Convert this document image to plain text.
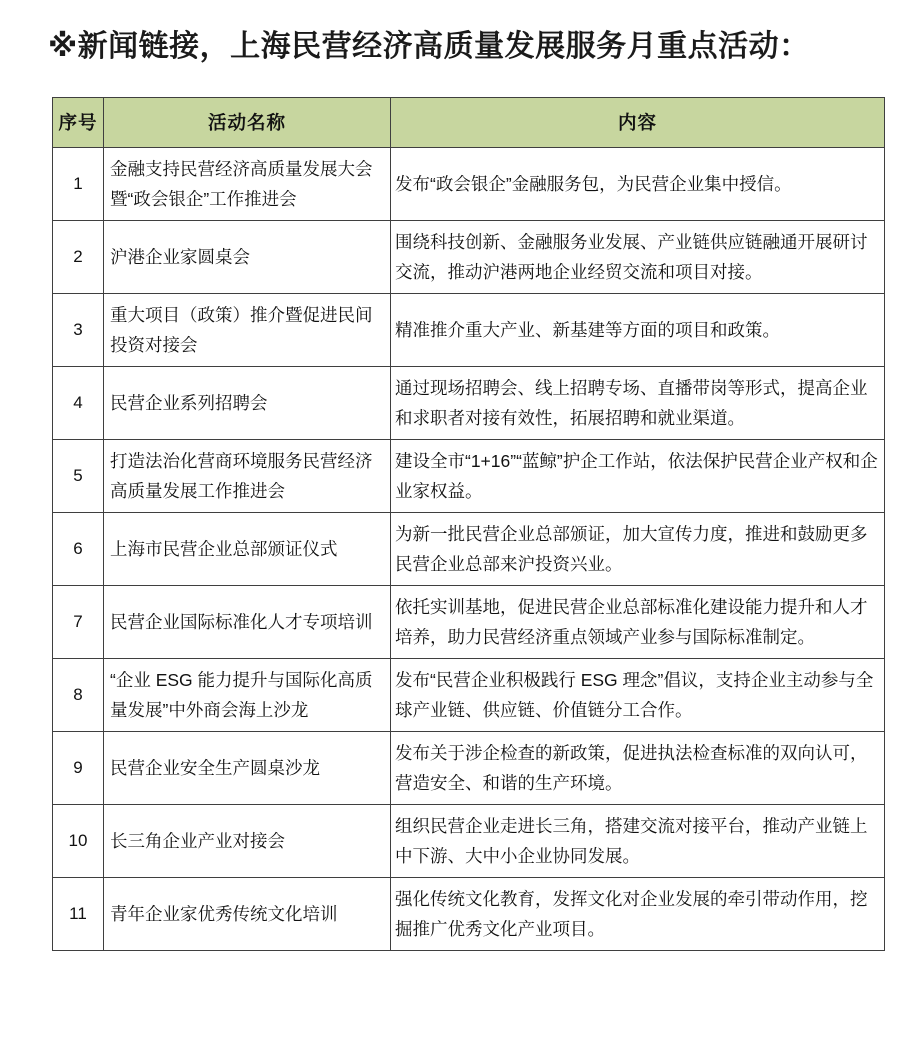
※新闻链接，上海民营经济高质量发展服务月重点活动：
序号	活动名称	内容
1	金融支持民营经济高质量发展大会暨“政会银企”工作推进会	发布“政会银企”金融服务包，为民营企业集中授信。
2	沪港企业家圆桌会	围绕科技创新、金融服务业发展、产业链供应链融通开展研讨交流，推动沪港两地企业经贸交流和项目对接。
3	重大项目（政策）推介暨促进民间投资对接会	精准推介重大产业、新基建等方面的项目和政策。
4	民营企业系列招聘会	通过现场招聘会、线上招聘专场、直播带岗等形式，提高企业和求职者对接有效性，拓展招聘和就业渠道。
5	打造法治化营商环境服务民营经济高质量发展工作推进会	建设全市“1+16”“蓝鲸”护企工作站，依法保护民营企业产权和企业家权益。
6	上海市民营企业总部颁证仪式	为新一批民营企业总部颁证，加大宣传力度，推进和鼓励更多民营企业总部来沪投资兴业。
7	民营企业国际标准化人才专项培训	依托实训基地，促进民营企业总部标准化建设能力提升和人才培养，助力民营经济重点领域产业参与国际标准制定。
8	“企业 ESG 能力提升与国际化高质量发展”中外商会海上沙龙	发布“民营企业积极践行 ESG 理念”倡议，支持企业主动参与全球产业链、供应链、价值链分工合作。
9	民营企业安全生产圆桌沙龙	发布关于涉企检查的新政策，促进执法检查标准的双向认可，营造安全、和谐的生产环境。
10	长三角企业产业对接会	组织民营企业走进长三角，搭建交流对接平台，推动产业链上中下游、大中小企业协同发展。
11	青年企业家优秀传统文化培训	强化传统文化教育，发挥文化对企业发展的牵引带动作用，挖掘推广优秀文化产业项目。
